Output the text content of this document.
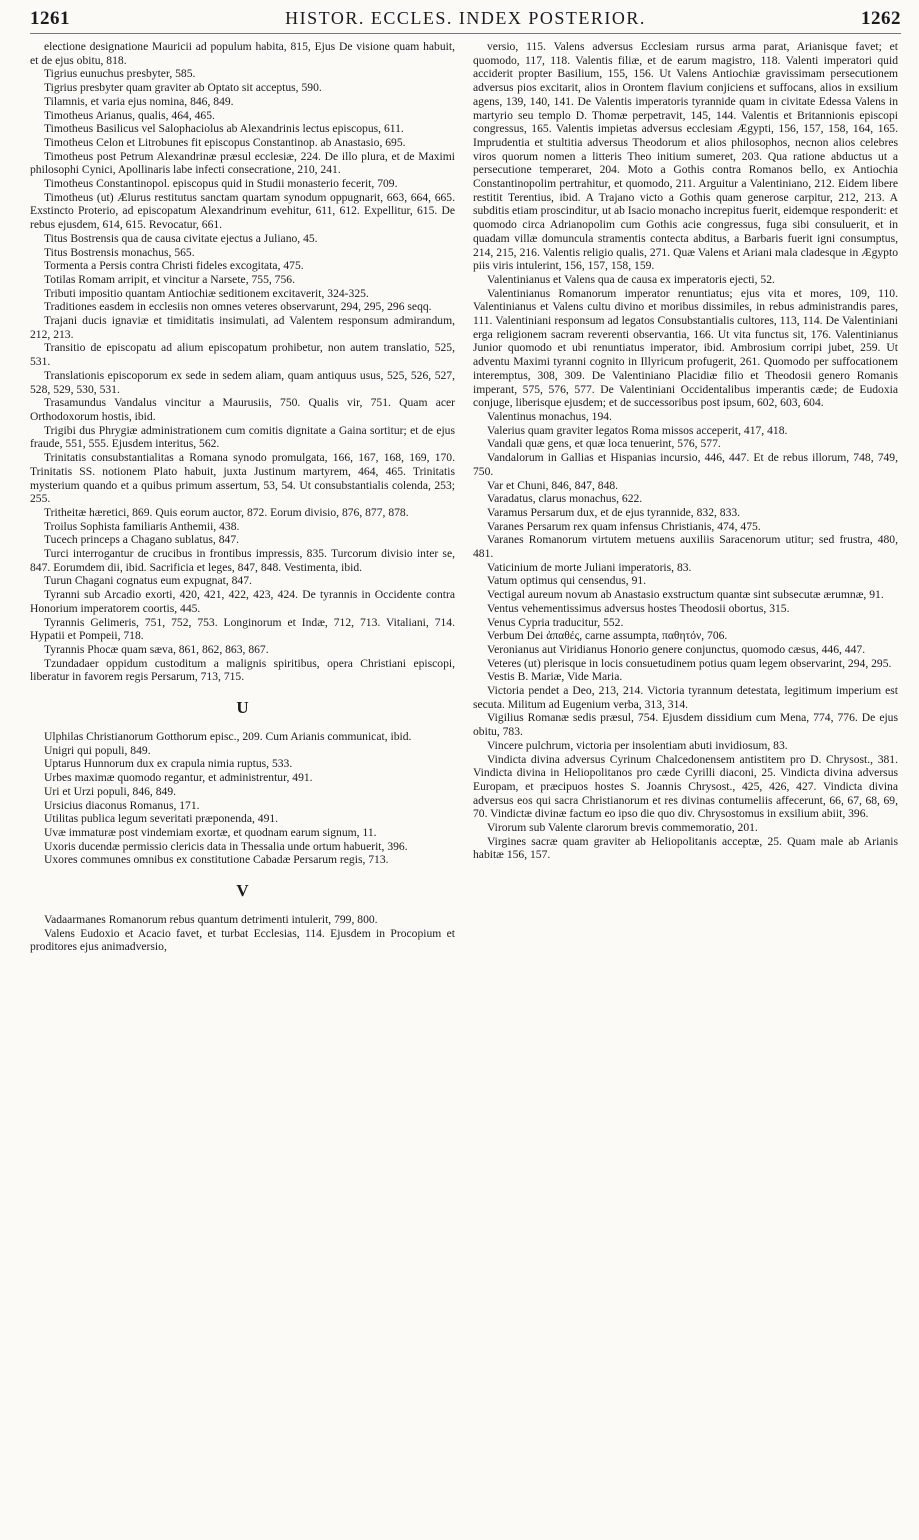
1261	HISTOR. ECCLES. INDEX POSTERIOR.	1262

electione designatione Mauricii ad populum habita, 815, Ejus De visione quam habuit, et de ejus obitu, 818.

Tigrius eunuchus presbyter, 585.

Tigrius presbyter quam graviter ab Optato sit acceptus, 590.

Tilamnis, et varia ejus nomina, 846, 849.

Timotheus Arianus, qualis, 464, 465.

Timotheus Basilicus vel Salophaciolus ab Alexandrinis lectus episcopus, 611.

Timotheus Celon et Litrobunes fit episcopus Constantinop. ab Anastasio, 695.

Timotheus post Petrum Alexandrinæ præsul ecclesiæ, 224. De illo plura, et de Maximi philosophi Cynici, Apollinaris labe infecti consecratione, 210, 241.

Timotheus Constantinopol. episcopus quid in Studii monasterio fecerit, 709.

Timotheus (ut) Ælurus restitutus sanctam quartam synodum oppugnarit, 663, 664, 665. Exstincto Proterio, ad episcopatum Alexandrinum evehitur, 611, 612. Expellitur, 615. De rebus ejusdem, 614, 615. Revocatur, 661.

Titus Bostrensis qua de causa civitate ejectus a Juliano, 45.

Titus Bostrensis monachus, 565.

Tormenta a Persis contra Christi fideles excogitata, 475.

Totilas Romam arripit, et vincitur a Narsete, 755, 756.

Tributi impositio quantam Antiochiæ seditionem excitaverit, 324-325.

Traditiones easdem in ecclesiis non omnes veteres observarunt, 294, 295, 296 seqq.

Trajani ducis ignaviæ et timiditatis insimulati, ad Valentem responsum admirandum, 212, 213.

Transitio de episcopatu ad alium episcopatum prohibetur, non autem translatio, 525, 531.

Translationis episcoporum ex sede in sedem aliam, quam antiquus usus, 525, 526, 527, 528, 529, 530, 531.

Trasamundus Vandalus vincitur a Maurusiis, 750. Qualis vir, 751. Quam acer Orthodoxorum hostis, ibid.

Trigibi dus Phrygiæ administrationem cum comitis dignitate a Gaina sortitur; et de ejus fraude, 551, 555. Ejusdem interitus, 562.

Trinitatis consubstantialitas a Romana synodo promulgata, 166, 167, 168, 169, 170. Trinitatis SS. notionem Plato habuit, juxta Justinum martyrem, 464, 465. Trinitatis mysterium quando et a quibus primum assertum, 53, 54. Ut consubstantialis colenda, 253; 255.

Tritheitæ hæretici, 869. Quis eorum auctor, 872. Eorum divisio, 876, 877, 878.

Troilus Sophista familiaris Anthemii, 438.

Tucech princeps a Chagano sublatus, 847.

Turci interrogantur de crucibus in frontibus impressis, 835. Turcorum divisio inter se, 847. Eorumdem dii, ibid. Sacrificia et leges, 847, 848. Vestimenta, ibid.

Turun Chagani cognatus eum expugnat, 847.

Tyranni sub Arcadio exorti, 420, 421, 422, 423, 424. De tyrannis in Occidente contra Honorium imperatorem coortis, 445.

Tyrannis Gelimeris, 751, 752, 753. Longinorum et Indæ, 712, 713. Vitaliani, 714. Hypatii et Pompeii, 718.

Tyrannis Phocæ quam sæva, 861, 862, 863, 867.

Tzundadaer oppidum custoditum a malignis spiritibus, opera Christiani episcopi, liberatur in favorem regis Persarum, 713, 715.

U

Ulphilas Christianorum Gotthorum episc., 209. Cum Arianis communicat, ibid.

Unigri qui populi, 849.

Uptarus Hunnorum dux ex crapula nimia ruptus, 533.

Urbes maximæ quomodo regantur, et administrentur, 491.

Uri et Urzi populi, 846, 849.

Ursicius diaconus Romanus, 171.

Utilitas publica legum severitati præponenda, 491.

Uvæ immaturæ post vindemiam exortæ, et quodnam earum signum, 11.

Uxoris ducendæ permissio clericis data in Thessalia unde ortum habuerit, 396.

Uxores communes omnibus ex constitutione Cabadæ Persarum regis, 713.

V

Vadaarmanes Romanorum rebus quantum detrimenti intulerit, 799, 800.

Valens Eudoxio et Acacio favet, et turbat Ecclesias, 114. Ejusdem in Procopium et proditores ejus animadversio,

versio, 115. Valens adversus Ecclesiam rursus arma parat, Arianisque favet; et quomodo, 117, 118. Valentis filiæ, et de earum magistro, 118. Valenti imperatori quid acciderit propter Basilium, 155, 156. Ut Valens Antiochiæ gravissimam persecutionem adversus pios excitarit, alios in Orontem flavium conjiciens et suffocans, alios in exsilium agens, 139, 140, 141. De Valentis imperatoris tyrannide quam in civitate Edessa Valens in martyrio seu templo D. Thomæ perpetravit, 145, 144. Valentis et Britannionis episcopi congressus, 165. Valentis impietas adversus ecclesiam Ægypti, 156, 157, 158, 164, 165. Imprudentia et stultitia adversus Theodorum et alios philosophos, necnon alios celebres viros quorum nomen a litteris Theo initium sumeret, 203. Qua ratione abductus ut a persecutione temperaret, 204. Moto a Gothis contra Romanos bello, ex Antiochia Constantinopolim pertrahitur, et quomodo, 211. Arguitur a Valentiniano, 212. Eidem libere restitit Terentius, ibid. A Trajano victo a Gothis quam generose carpitur, 212, 213. A subditis etiam proscinditur, ut ab Isacio monacho increpitus fuerit, eidemque responderit: et quomodo circa Adrianopolim cum Gothis acie congressus, fuga sibi consuluerit, et in quadam villæ domuncula stramentis contecta abditus, a Barbaris fuerit igni consumptus, 214, 215, 216. Valentis religio qualis, 271. Quæ Valens et Ariani mala cladesque in Ægypto piis viris intulerint, 156, 157, 158, 159.

Valentinianus et Valens qua de causa ex imperatoris ejecti, 52.

Valentinianus Romanorum imperator renuntiatus; ejus vita et mores, 109, 110. Valentinianus et Valens cultu divino et moribus dissimiles, in rebus administrandis pares, 111. Valentiniani responsum ad legatos Consubstantialis cultores, 113, 114. De Valentiniani erga religionem sacram reverenti observantia, 166. Ut vita functus sit, 176. Valentinianus Junior quomodo et ubi renuntiatus imperator, ibid. Ambrosium corripi jubet, 259. Ut adventu Maximi tyranni cognito in Illyricum profugerit, 261. Quomodo per suffocationem interemptus, 308, 309. De Valentiniano Placidiæ filio et Theodosii genero Romanis imperant, 575, 576, 577. De Valentiniani Occidentalibus imperantis cæde; de Eudoxia conjuge, liberisque ejusdem; et de successoribus post ipsum, 602, 603, 604.

Valentinus monachus, 194.

Valerius quam graviter legatos Roma missos acceperit, 417, 418.

Vandali quæ gens, et quæ loca tenuerint, 576, 577.

Vandalorum in Gallias et Hispanias incursio, 446, 447. Et de rebus illorum, 748, 749, 750.

Var et Chuni, 846, 847, 848.

Varadatus, clarus monachus, 622.

Varamus Persarum dux, et de ejus tyrannide, 832, 833.

Varanes Persarum rex quam infensus Christianis, 474, 475.

Varanes Romanorum virtutem metuens auxiliis Saracenorum utitur; sed frustra, 480, 481.

Vaticinium de morte Juliani imperatoris, 83.

Vatum optimus qui censendus, 91.

Vectigal aureum novum ab Anastasio exstructum quantæ sint subsecutæ ærumnæ, 91.

Ventus vehementissimus adversus hostes Theodosii obortus, 315.

Venus Cypria traducitur, 552.

Verbum Dei ἀπαθές, carne assumpta, παθητόν, 706.

Veronianus aut Viridianus Honorio genere conjunctus, quomodo cæsus, 446, 447.

Veteres (ut) plerisque in locis consuetudinem potius quam legem observarint, 294, 295.

Vestis B. Mariæ, Vide Maria.

Victoria pendet a Deo, 213, 214. Victoria tyrannum detestata, legitimum imperium est secuta. Militum ad Eugenium verba, 313, 314.

Vigilius Romanæ sedis præsul, 754. Ejusdem dissidium cum Mena, 774, 776. De ejus obitu, 783.

Vincere pulchrum, victoria per insolentiam abuti invidiosum, 83.

Vindicta divina adversus Cyrinum Chalcedonensem antistitem pro D. Chrysost., 381. Vindicta divina in Heliopolitanos pro cæde Cyrilli diaconi, 25. Vindicta divina adversus Europam, et præcipuos hostes S. Joannis Chrysost., 425, 426, 427. Vindicta divina adversus eos qui sacra Christianorum et res divinas contumeliis affecerunt, 66, 67, 68, 69, 70. Vindictæ divinæ factum eo ipso die quo div. Chrysostomus in exsilium abiit, 396.

Virorum sub Valente clarorum brevis commemoratio, 201.

Virgines sacræ quam graviter ab Heliopolitanis acceptæ, 25. Quam male ab Arianis habitæ 156, 157.
